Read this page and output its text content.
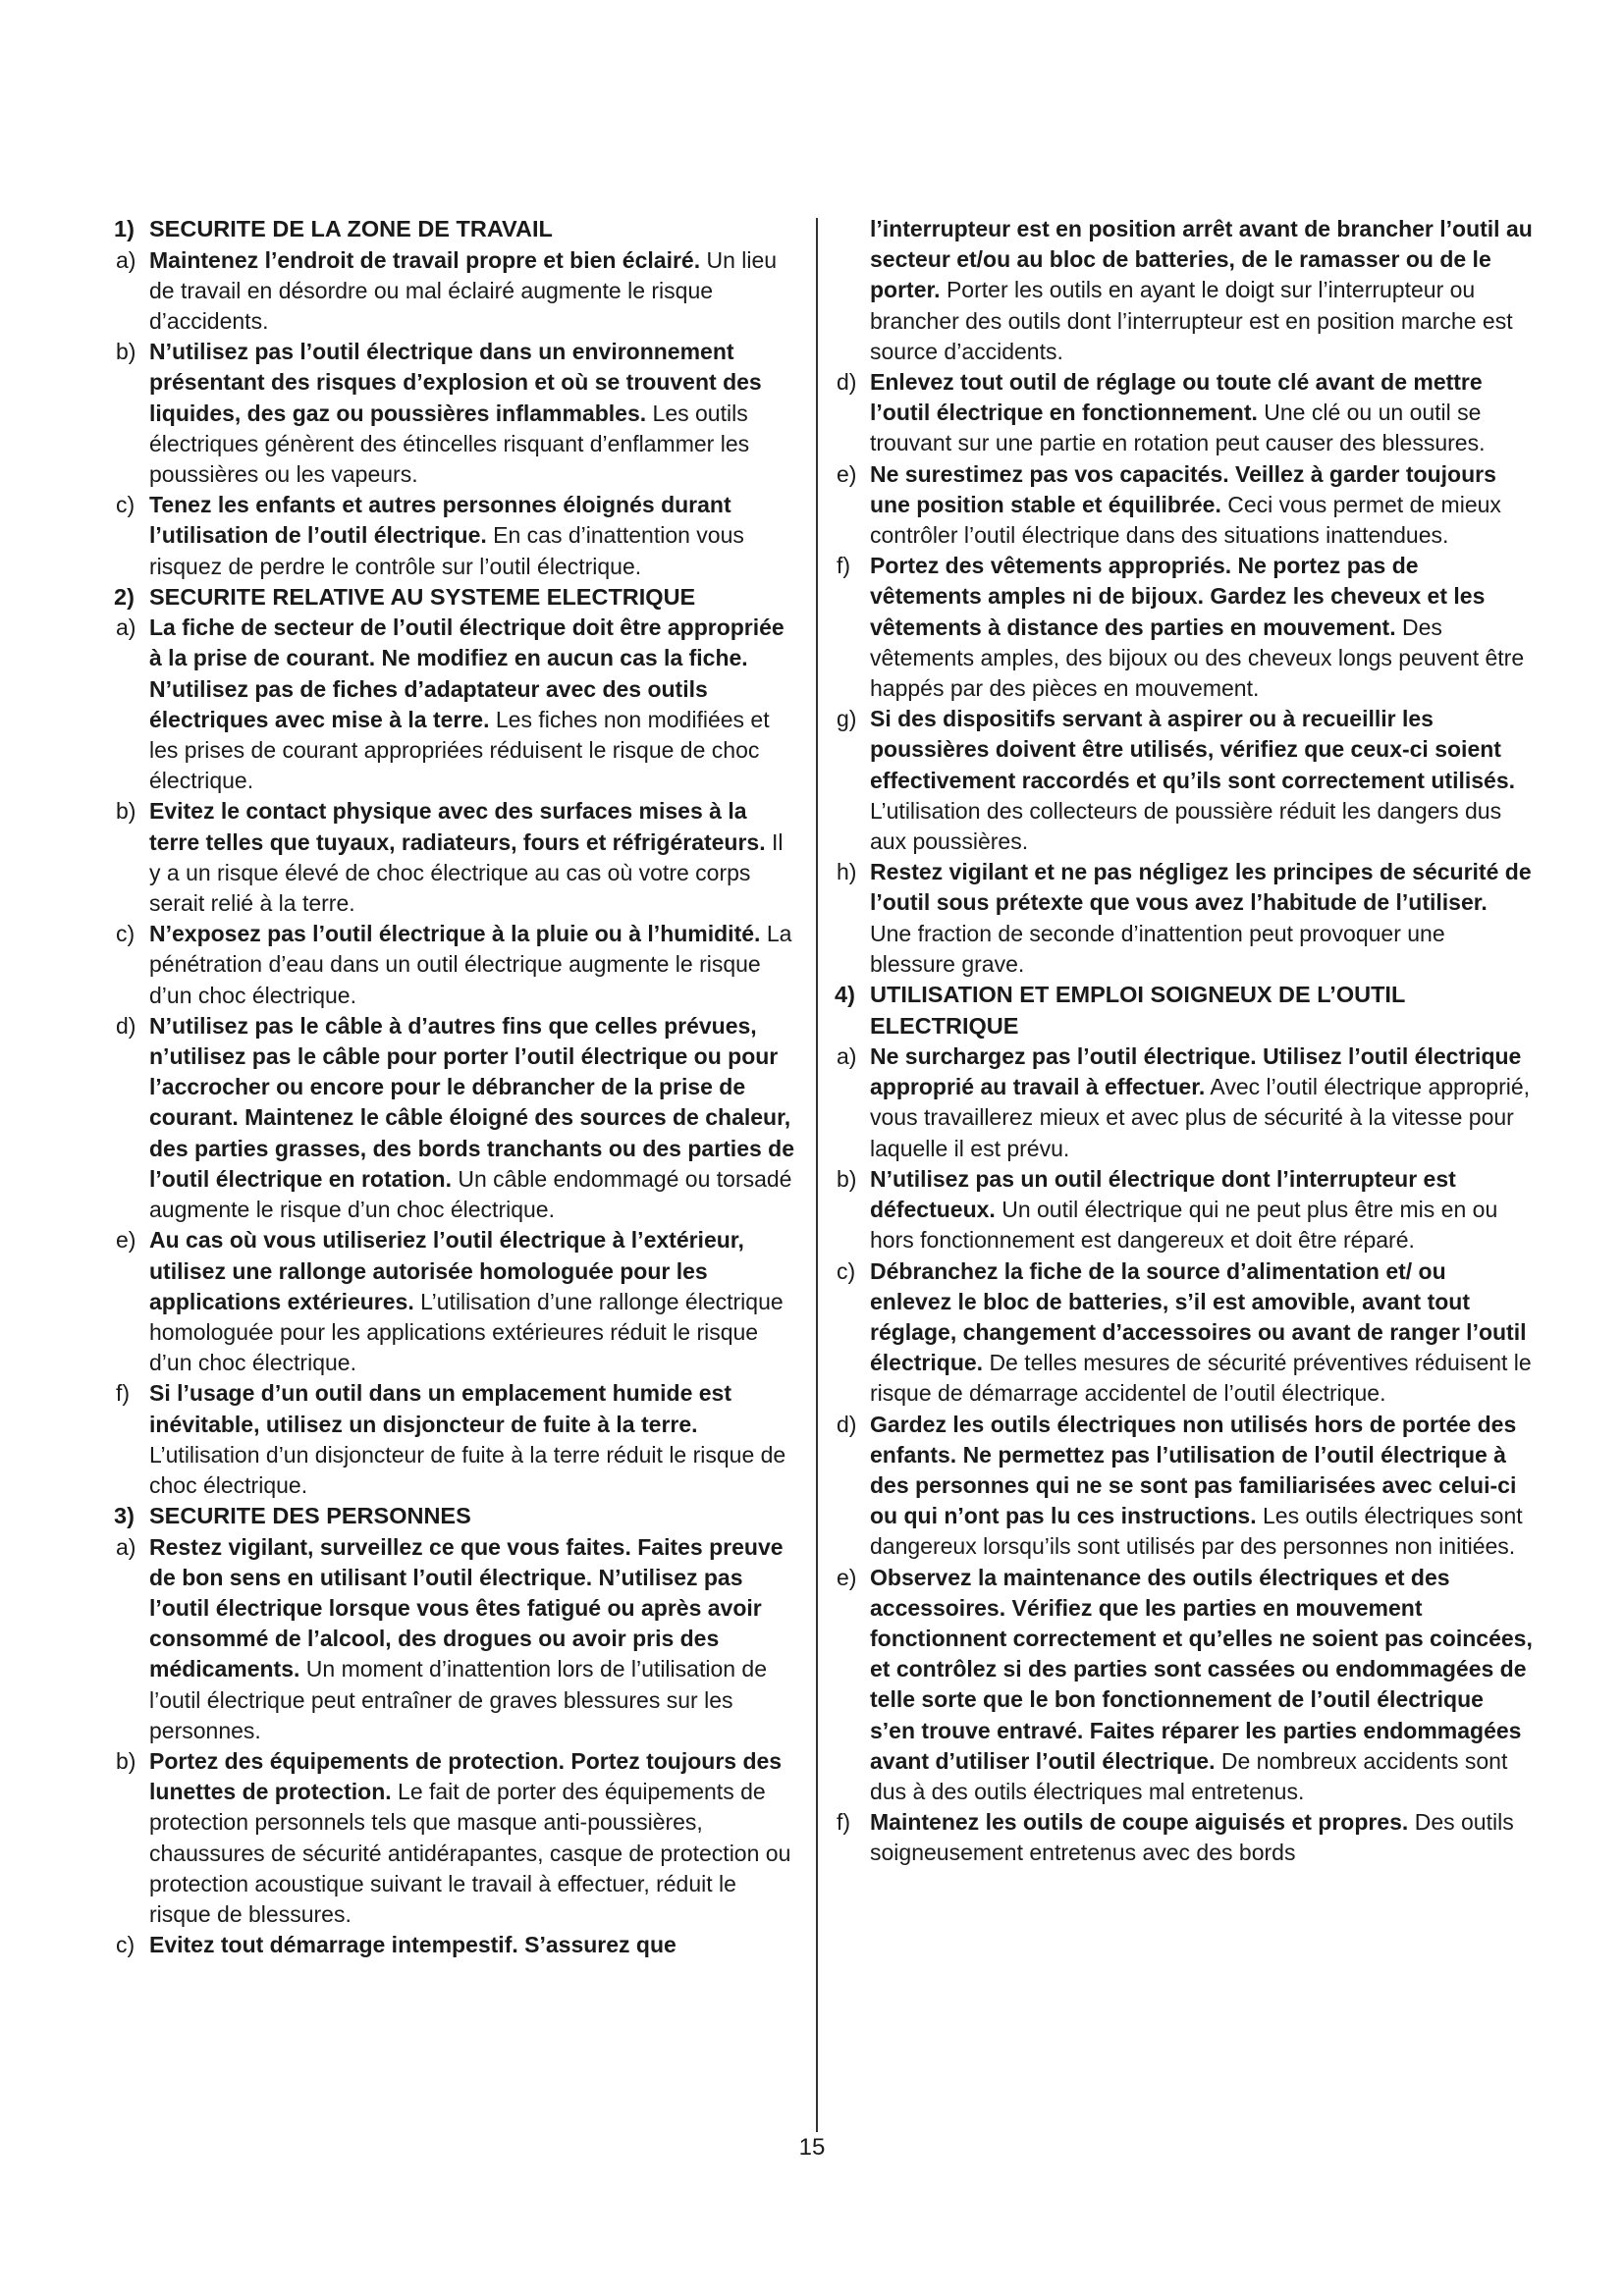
1) SECURITE DE LA ZONE DE TRAVAIL

a) Maintenez l’endroit de travail propre et bien éclairé. Un lieu de travail en désordre ou mal éclairé augmente le risque d’accidents.

b) N’utilisez pas l’outil électrique dans un environnement présentant des risques d’explosion et où se trouvent des liquides, des gaz ou poussières inflammables. Les outils électriques génèrent des étincelles risquant d’enflammer les poussières ou les vapeurs.

c) Tenez les enfants et autres personnes éloignés durant l’utilisation de l’outil électrique. En cas d’inattention vous risquez de perdre le contrôle sur l’outil électrique.

2) SECURITE RELATIVE AU SYSTEME ELECTRIQUE

a) La fiche de secteur de l’outil électrique doit être appropriée à la prise de courant. Ne modifiez en aucun cas la fiche. N’utilisez pas de fiches d’adaptateur avec des outils électriques avec mise à la terre. Les fiches non modifiées et les prises de courant appropriées réduisent le risque de choc électrique.

b) Evitez le contact physique avec des surfaces mises à la terre telles que tuyaux, radiateurs, fours et réfrigérateurs. Il y a un risque élevé de choc électrique au cas où votre corps serait relié à la terre.

c) N’exposez pas l’outil électrique à la pluie ou à l’humidité. La pénétration d’eau dans un outil électrique augmente le risque d’un choc électrique.

d) N’utilisez pas le câble à d’autres fins que celles prévues, n’utilisez pas le câble pour porter l’outil électrique ou pour l’accrocher ou encore pour le débrancher de la prise de courant. Maintenez le câble éloigné des sources de chaleur, des parties grasses, des bords tranchants ou des parties de l’outil électrique en rotation. Un câble endommagé ou torsadé augmente le risque d’un choc électrique.

e) Au cas où vous utiliseriez l’outil électrique à l’extérieur, utilisez une rallonge autorisée homologuée pour les applications extérieures. L’utilisation d’une rallonge électrique homologuée pour les applications extérieures réduit le risque d’un choc électrique.

f) Si l’usage d’un outil dans un emplacement humide est inévitable, utilisez un disjoncteur de fuite à la terre. L’utilisation d’un disjoncteur de fuite à la terre réduit le risque de choc électrique.

3) SECURITE DES PERSONNES

a) Restez vigilant, surveillez ce que vous faites. Faites preuve de bon sens en utilisant l’outil électrique. N’utilisez pas l’outil électrique lorsque vous êtes fatigué ou après avoir consommé de l’alcool, des drogues ou avoir pris des médicaments. Un moment d’inattention lors de l’utilisation de l’outil électrique peut entraîner de graves blessures sur les personnes.

b) Portez des équipements de protection. Portez toujours des lunettes de protection. Le fait de porter des équipements de protection personnels tels que masque anti-poussières, chaussures de sécurité antidérapantes, casque de protection ou protection acoustique suivant le travail à effectuer, réduit le risque de blessures.

c) Evitez tout démarrage intempestif. S’assurez que

l’interrupteur est en position arrêt avant de brancher l’outil au secteur et/ou au bloc de batteries, de le ramasser ou de le porter. Porter les outils en ayant le doigt sur l’interrupteur ou brancher des outils dont l’interrupteur est en position marche est source d’accidents.

d) Enlevez tout outil de réglage ou toute clé avant de mettre l’outil électrique en fonctionnement. Une clé ou un outil se trouvant sur une partie en rotation peut causer des blessures.

e) Ne surestimez pas vos capacités. Veillez à garder toujours une position stable et équilibrée. Ceci vous permet de mieux contrôler l’outil électrique dans des situations inattendues.

f) Portez des vêtements appropriés. Ne portez pas de vêtements amples ni de bijoux. Gardez les cheveux et les vêtements à distance des parties en mouvement. Des vêtements amples, des bijoux ou des cheveux longs peuvent être happés par des pièces en mouvement.

g) Si des dispositifs servant à aspirer ou à recueillir les poussières doivent être utilisés, vérifiez que ceux-ci soient effectivement raccordés et qu’ils sont correctement utilisés. L’utilisation des collecteurs de poussière réduit les dangers dus aux poussières.

h) Restez vigilant et ne pas négligez les principes de sécurité de l’outil sous prétexte que vous avez l’habitude de l’utiliser. Une fraction de seconde d’inattention peut provoquer une blessure grave.

4) UTILISATION ET EMPLOI SOIGNEUX DE L’OUTIL ELECTRIQUE

a) Ne surchargez pas l’outil électrique. Utilisez l’outil électrique approprié au travail à effectuer. Avec l’outil électrique approprié, vous travaillerez mieux et avec plus de sécurité à la vitesse pour laquelle il est prévu.

b) N’utilisez pas un outil électrique dont l’interrupteur est défectueux. Un outil électrique qui ne peut plus être mis en ou hors fonctionnement est dangereux et doit être réparé.

c) Débranchez la fiche de la source d’alimentation et/ ou enlevez le bloc de batteries, s’il est amovible, avant tout réglage, changement d’accessoires ou avant de ranger l’outil électrique. De telles mesures de sécurité préventives réduisent le risque de démarrage accidentel de l’outil électrique.

d) Gardez les outils électriques non utilisés hors de portée des enfants. Ne permettez pas l’utilisation de l’outil électrique à des personnes qui ne se sont pas familiarisées avec celui-ci ou qui n’ont pas lu ces instructions. Les outils électriques sont dangereux lorsqu’ils sont utilisés par des personnes non initiées.

e) Observez la maintenance des outils électriques et des accessoires. Vérifiez que les parties en mouvement fonctionnent correctement et qu’elles ne soient pas coincées, et contrôlez si des parties sont cassées ou endommagées de telle sorte que le bon fonctionnement de l’outil électrique s’en trouve entravé. Faites réparer les parties endommagées avant d’utiliser l’outil électrique. De nombreux accidents sont dus à des outils électriques mal entretenus.

f) Maintenez les outils de coupe aiguisés et propres. Des outils soigneusement entretenus avec des bords

15
